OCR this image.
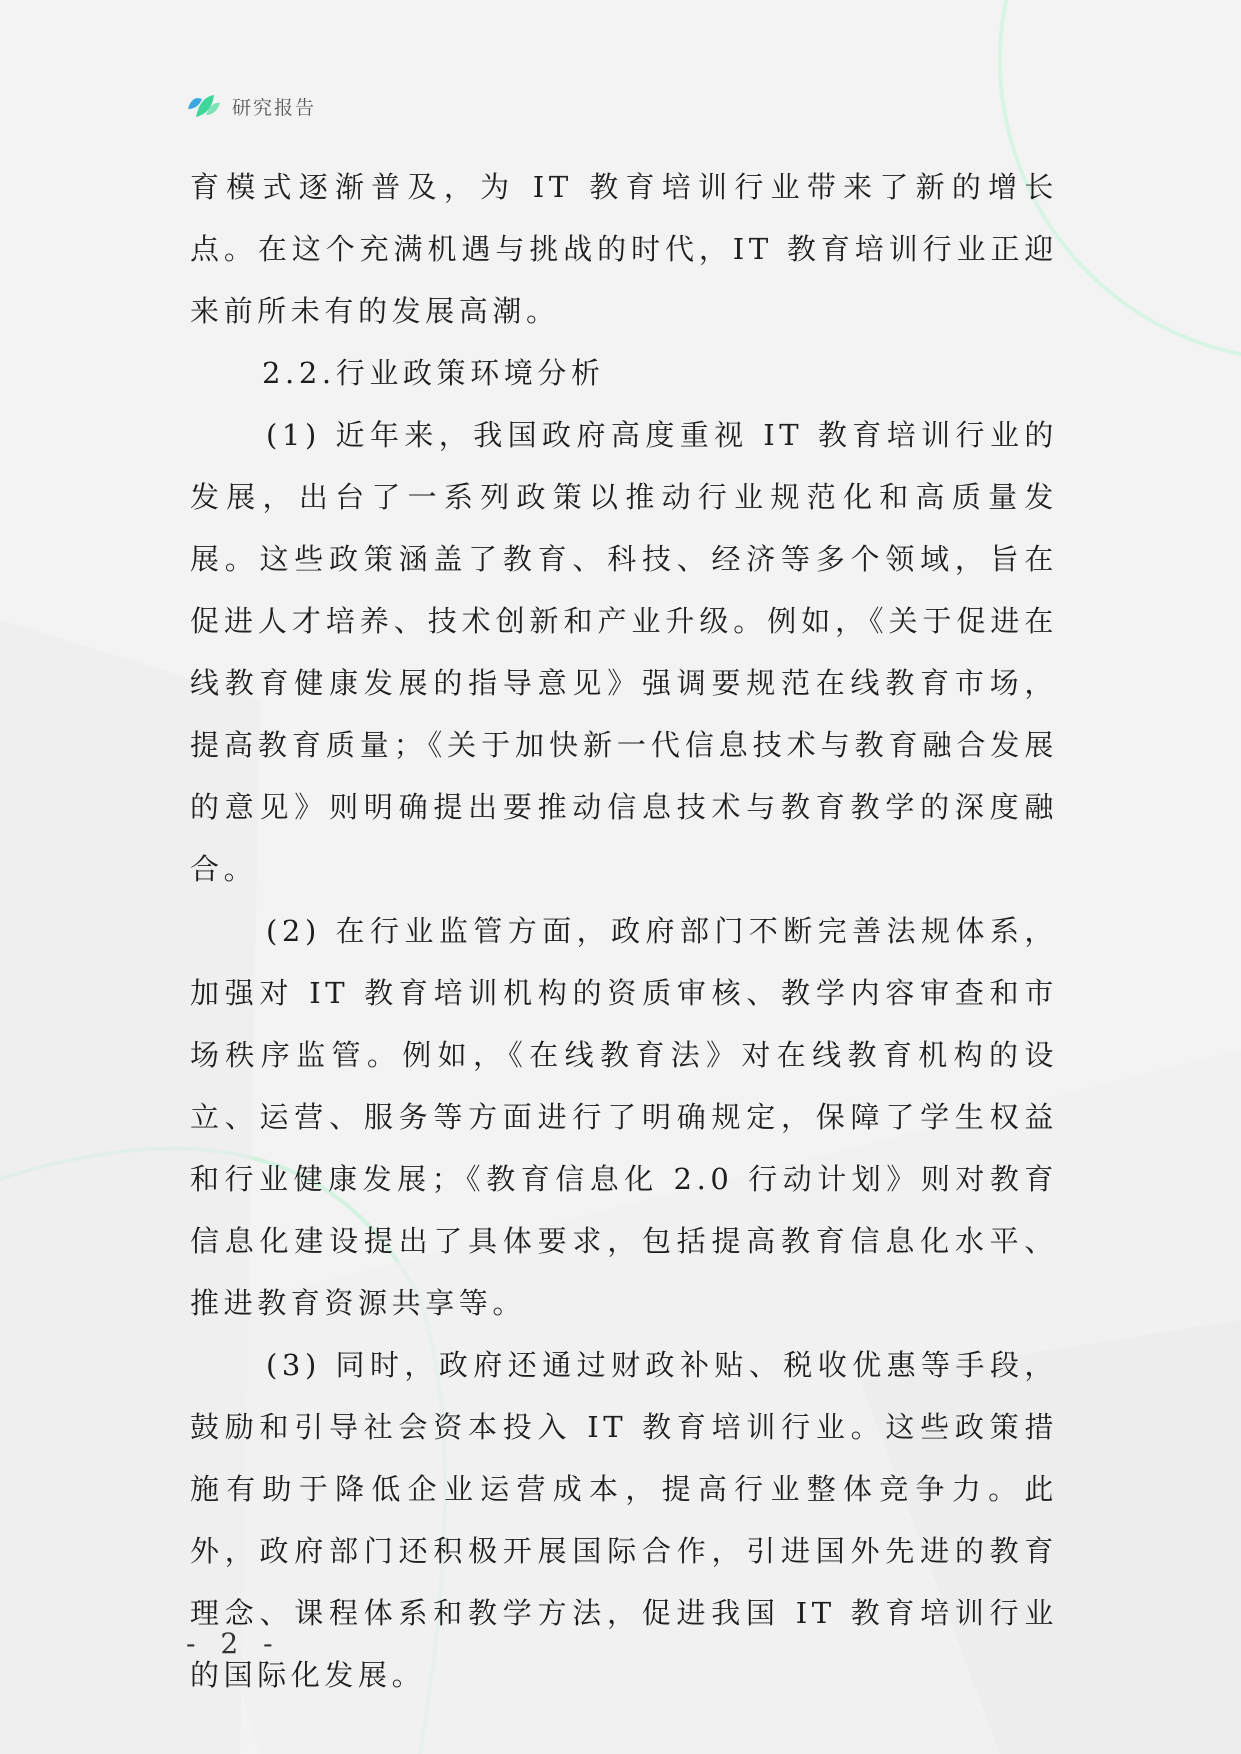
研究报告

育模式逐渐普及，为 IT 教育培训行业带来了新的增长点。在这个充满机遇与挑战的时代，IT 教育培训行业正迎来前所未有的发展高潮。

2.2.行业政策环境分析

(1) 近年来，我国政府高度重视 IT 教育培训行业的发展，出台了一系列政策以推动行业规范化和高质量发展。这些政策涵盖了教育、科技、经济等多个领域，旨在促进人才培养、技术创新和产业升级。例如，《关于促进在线教育健康发展的指导意见》强调要规范在线教育市场，提高教育质量；《关于加快新一代信息技术与教育融合发展的意见》则明确提出要推动信息技术与教育教学的深度融合。

(2) 在行业监管方面，政府部门不断完善法规体系，加强对 IT 教育培训机构的资质审核、教学内容审查和市场秩序监管。例如，《在线教育法》对在线教育机构的设立、运营、服务等方面进行了明确规定，保障了学生权益和行业健康发展；《教育信息化 2.0 行动计划》则对教育信息化建设提出了具体要求，包括提高教育信息化水平、推进教育资源共享等。

(3) 同时，政府还通过财政补贴、税收优惠等手段，鼓励和引导社会资本投入 IT 教育培训行业。这些政策措施有助于降低企业运营成本，提高行业整体竞争力。此外，政府部门还积极开展国际合作，引进国外先进的教育理念、课程体系和教学方法，促进我国 IT 教育培训行业的国际化发展。

- 2 -
